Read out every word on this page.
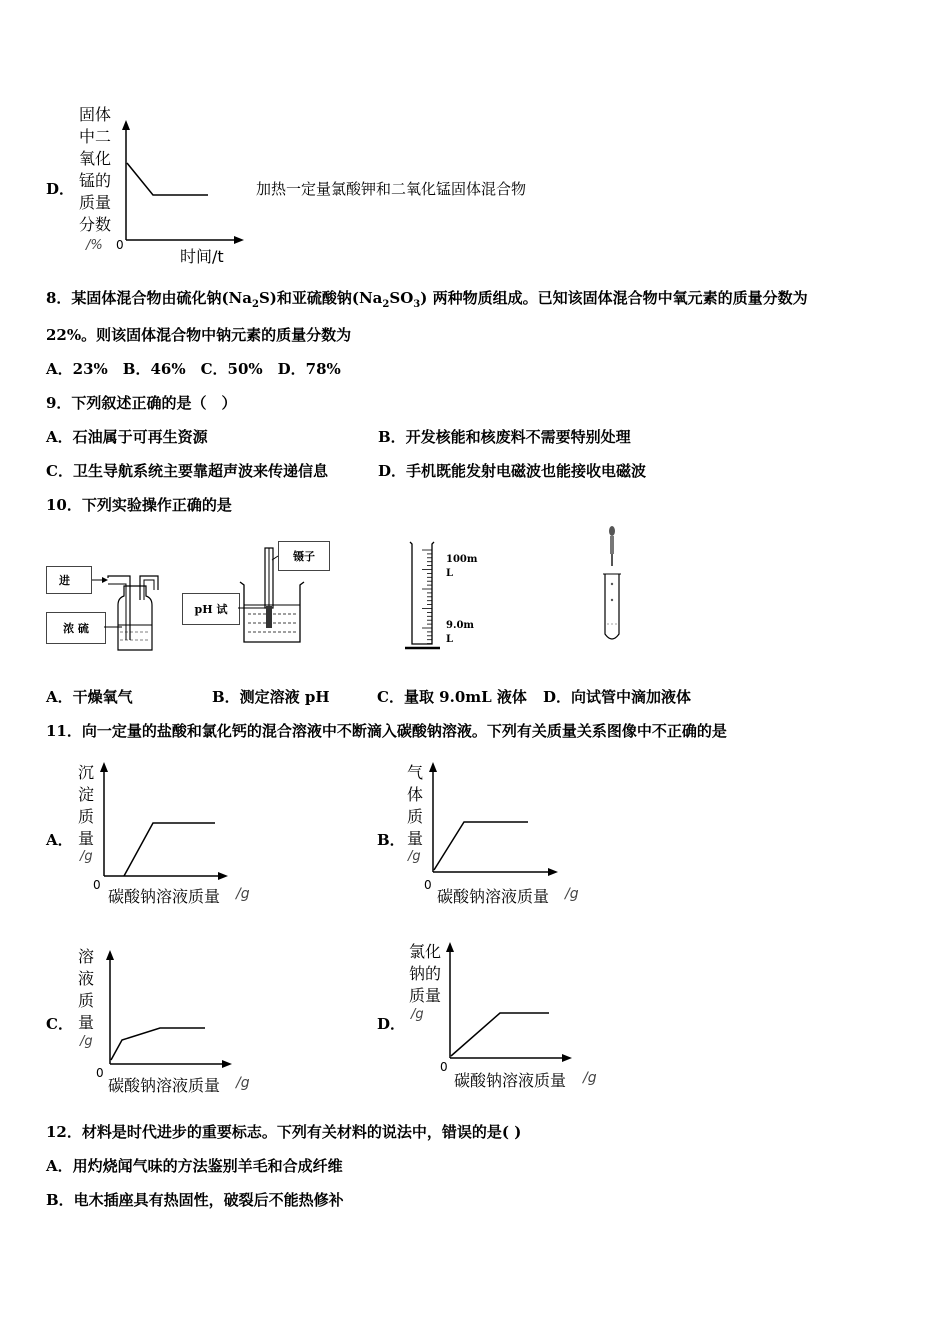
D．
固体
中二
氧化
锰的
质量
分数
/% 0
时间/t
加热一定量氯酸钾和二氧化锰固体混合物
8．某固体混合物由硫化钠$(Na_2S)$和亚硫酸钠$(Na_2SO_3)$ 两种物质组成。已知该固体混合物中氧元素的质量分数为
22%。则该固体混合物中钠元素的质量分数为
A．23%　B．46%　C．50%　D．78%
9．下列叙述正确的是（　）
A．石油属于可再生资源	B．开发核能和核废料不需要特别处理
C．卫生导航系统主要靠超声波来传递信息	D．手机既能发射电磁波也能接收电磁波
10．下列实验操作正确的是
进
浓 硫
镊子
pH 试
100m
L
9.0m
L
A．干燥氧气	B．测定溶液 pH	C．量取 9.0mL 液体 D．向试管中滴加液体
11．向一定量的盐酸和氯化钙的混合溶液中不断滴入碳酸钠溶液。下列有关质量关系图像中不正确的是
A．
沉
淀
质
量
/g
0
碳酸钠溶液质量 /g
B．
气
体
质
量
/g
0
碳酸钠溶液质量 /g
C．
溶
液
质
量
/g
0
碳酸钠溶液质量 /g
D．
氯化
钠的
质量
/g
0
碳酸钠溶液质量 /g
12．材料是时代进步的重要标志。下列有关材料的说法中，错误的是( )
A．用灼烧闻气味的方法鉴别羊毛和合成纤维
B．电木插座具有热固性，破裂后不能热修补
